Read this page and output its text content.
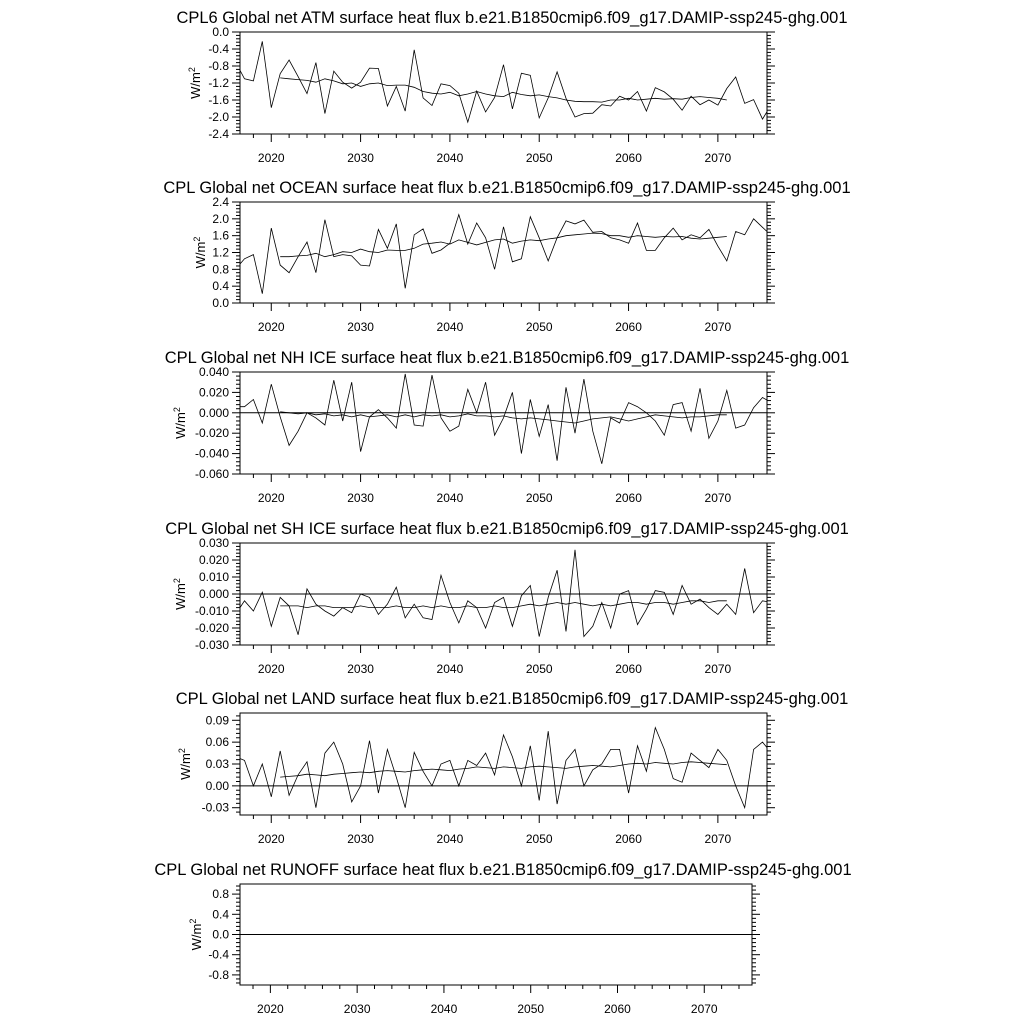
CPL6 Global net ATM surface heat flux b.e21.B1850cmip6.f09_g17.DAMIP-ssp245-ghg.001
-2.4
-2.0
-1.6
-1.2
-0.8
-0.4
0.0
2020	2030	2040	2050	2060	2070
$W/m^2$
CPL Global net OCEAN surface heat flux b.e21.B1850cmip6.f09_g17.DAMIP-ssp245-ghg.001
0.0
0.4
0.8
1.2
1.6
2.0
2.4
2020	2030	2040	2050	2060	2070
$W/m^2$
CPL Global net NH ICE surface heat flux b.e21.B1850cmip6.f09_g17.DAMIP-ssp245-ghg.001
-0.060
-0.040
-0.020
0.000
0.020
0.040
2020	2030	2040	2050	2060	2070
$W/m^2$
CPL Global net SH ICE surface heat flux b.e21.B1850cmip6.f09_g17.DAMIP-ssp245-ghg.001
-0.030
-0.020
-0.010
0.000
0.010
0.020
0.030
2020	2030	2040	2050	2060	2070
$W/m^2$
CPL Global net LAND surface heat flux b.e21.B1850cmip6.f09_g17.DAMIP-ssp245-ghg.001
-0.03
0.00
0.03
0.06
0.09
2020	2030	2040	2050	2060	2070
$W/m^2$
CPL Global net RUNOFF surface heat flux b.e21.B1850cmip6.f09_g17.DAMIP-ssp245-ghg.001
-0.8
-0.4
0.0
0.4
0.8
2020	2030	2040	2050	2060	2070
$W/m^2$
